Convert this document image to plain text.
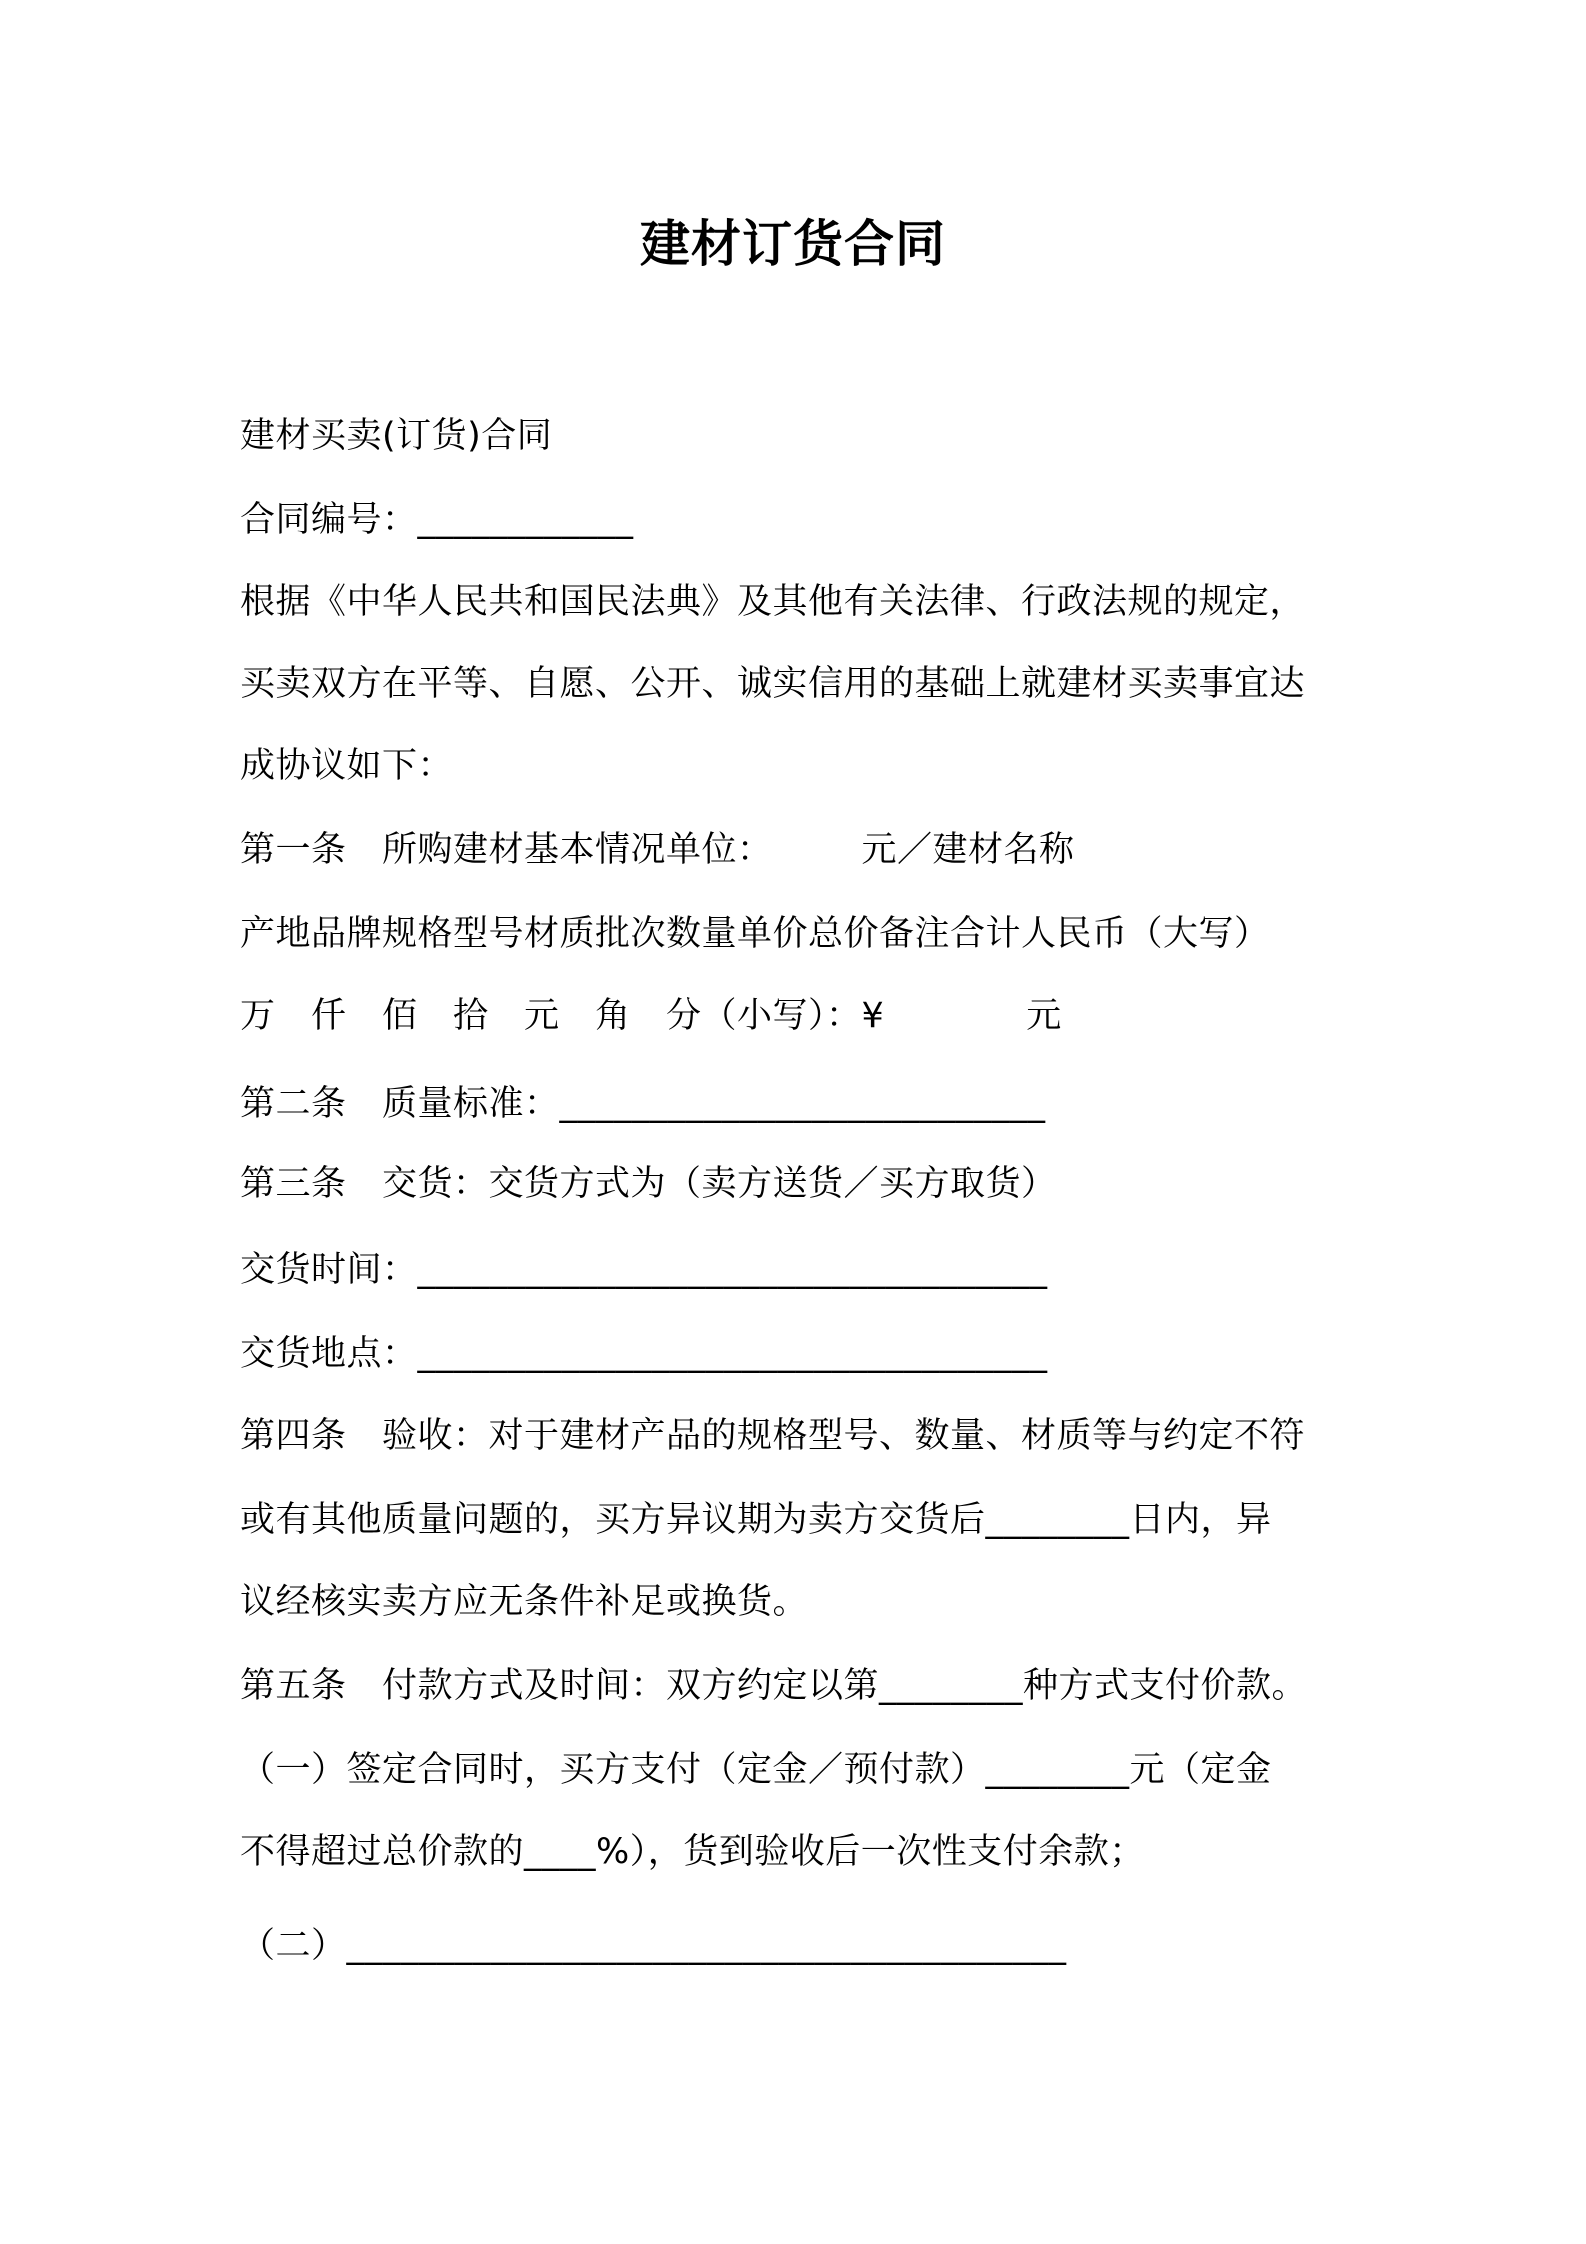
建材订货合同
建材买卖(订货)合同
合同编号：____________
根据《中华人民共和国民法典》及其他有关法律、行政法规的规定，
买卖双方在平等、自愿、公开、诚实信用的基础上就建材买卖事宜达
成协议如下：
第一条　所购建材基本情况单位：　　　元／建材名称
产地品牌规格型号材质批次数量单价总价备注合计人民币（大写）
万　仟　佰　拾　元　角　分（小写）：¥　　　　元
第二条　质量标准：___________________________
第三条　交货：交货方式为（卖方送货／买方取货）
交货时间：___________________________________
交货地点：___________________________________
第四条　验收：对于建材产品的规格型号、数量、材质等与约定不符
或有其他质量问题的，买方异议期为卖方交货后________日内，异
议经核实卖方应无条件补足或换货。
第五条　付款方式及时间：双方约定以第________种方式支付价款。
（一）签定合同时，买方支付（定金／预付款）________元（定金
不得超过总价款的____%），货到验收后一次性支付余款；
（二）________________________________________
